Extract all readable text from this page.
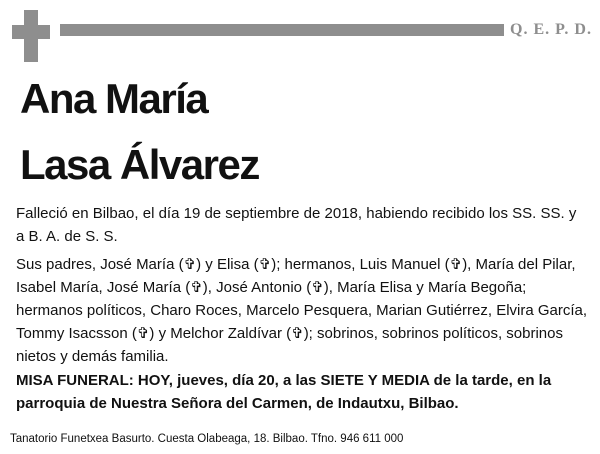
Q. E. P. D.
Ana María
Lasa Álvarez

Falleció en Bilbao, el día 19 de septiembre de 2018, habiendo recibido los SS. SS. y a B. A. de S. S.

Sus padres, José María (✞) y Elisa (✞); hermanos, Luis Manuel (✞), María del Pilar, Isabel María, José María (✞), José Antonio (✞), María Elisa y María Begoña; hermanos políticos, Charo Roces, Marcelo Pesquera, Marian Gutiérrez, Elvira García, Tommy Isacsson (✞) y Melchor Zaldívar (✞); sobrinos, sobrinos políticos, sobrinos nietos y demás familia.

MISA FUNERAL: HOY, jueves, día 20, a las SIETE Y MEDIA de la tarde, en la parroquia de Nuestra Señora del Carmen, de Indautxu, Bilbao.

Tanatorio Funetxea Basurto. Cuesta Olabeaga, 18. Bilbao. Tfno. 946 611 000
